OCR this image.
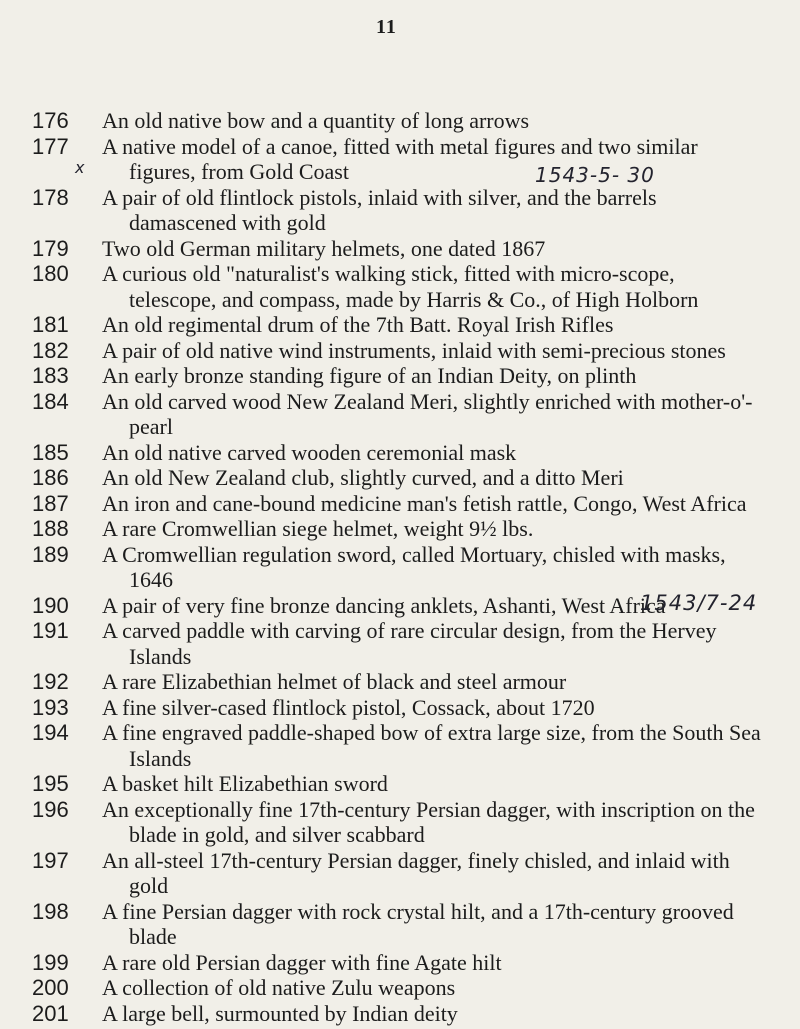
11
176	An old native bow and a quantity of long arrows
177	A native model of a canoe, fitted with metal figures and two similar figures, from Gold Coast
178	A pair of old flintlock pistols, inlaid with silver, and the barrels damascened with gold
179	Two old German military helmets, one dated 1867
180	A curious old "naturalist's walking stick, fitted with micro-scope, telescope, and compass, made by Harris & Co., of High Holborn
181	An old regimental drum of the 7th Batt. Royal Irish Rifles
182	A pair of old native wind instruments, inlaid with semi-precious stones
183	An early bronze standing figure of an Indian Deity, on plinth
184	An old carved wood New Zealand Meri, slightly enriched with mother-o'-pearl
185	An old native carved wooden ceremonial mask
186	An old New Zealand club, slightly curved, and a ditto Meri
187	An iron and cane-bound medicine man's fetish rattle, Congo, West Africa
188	A rare Cromwellian siege helmet, weight 9½ lbs.
189	A Cromwellian regulation sword, called Mortuary, chisled with masks, 1646
190	A pair of very fine bronze dancing anklets, Ashanti, West Africa
191	A carved paddle with carving of rare circular design, from the Hervey Islands
192	A rare Elizabethian helmet of black and steel armour
193	A fine silver-cased flintlock pistol, Cossack, about 1720
194	A fine engraved paddle-shaped bow of extra large size, from the South Sea Islands
195	A basket hilt Elizabethian sword
196	An exceptionally fine 17th-century Persian dagger, with inscription on the blade in gold, and silver scabbard
197	An all-steel 17th-century Persian dagger, finely chisled, and inlaid with gold
198	A fine Persian dagger with rock crystal hilt, and a 17th-century grooved blade
199	A rare old Persian dagger with fine Agate hilt
200	A collection of old native Zulu weapons
201	A large bell, surmounted by Indian deity
x	1543-5- 30
1543/7-24
